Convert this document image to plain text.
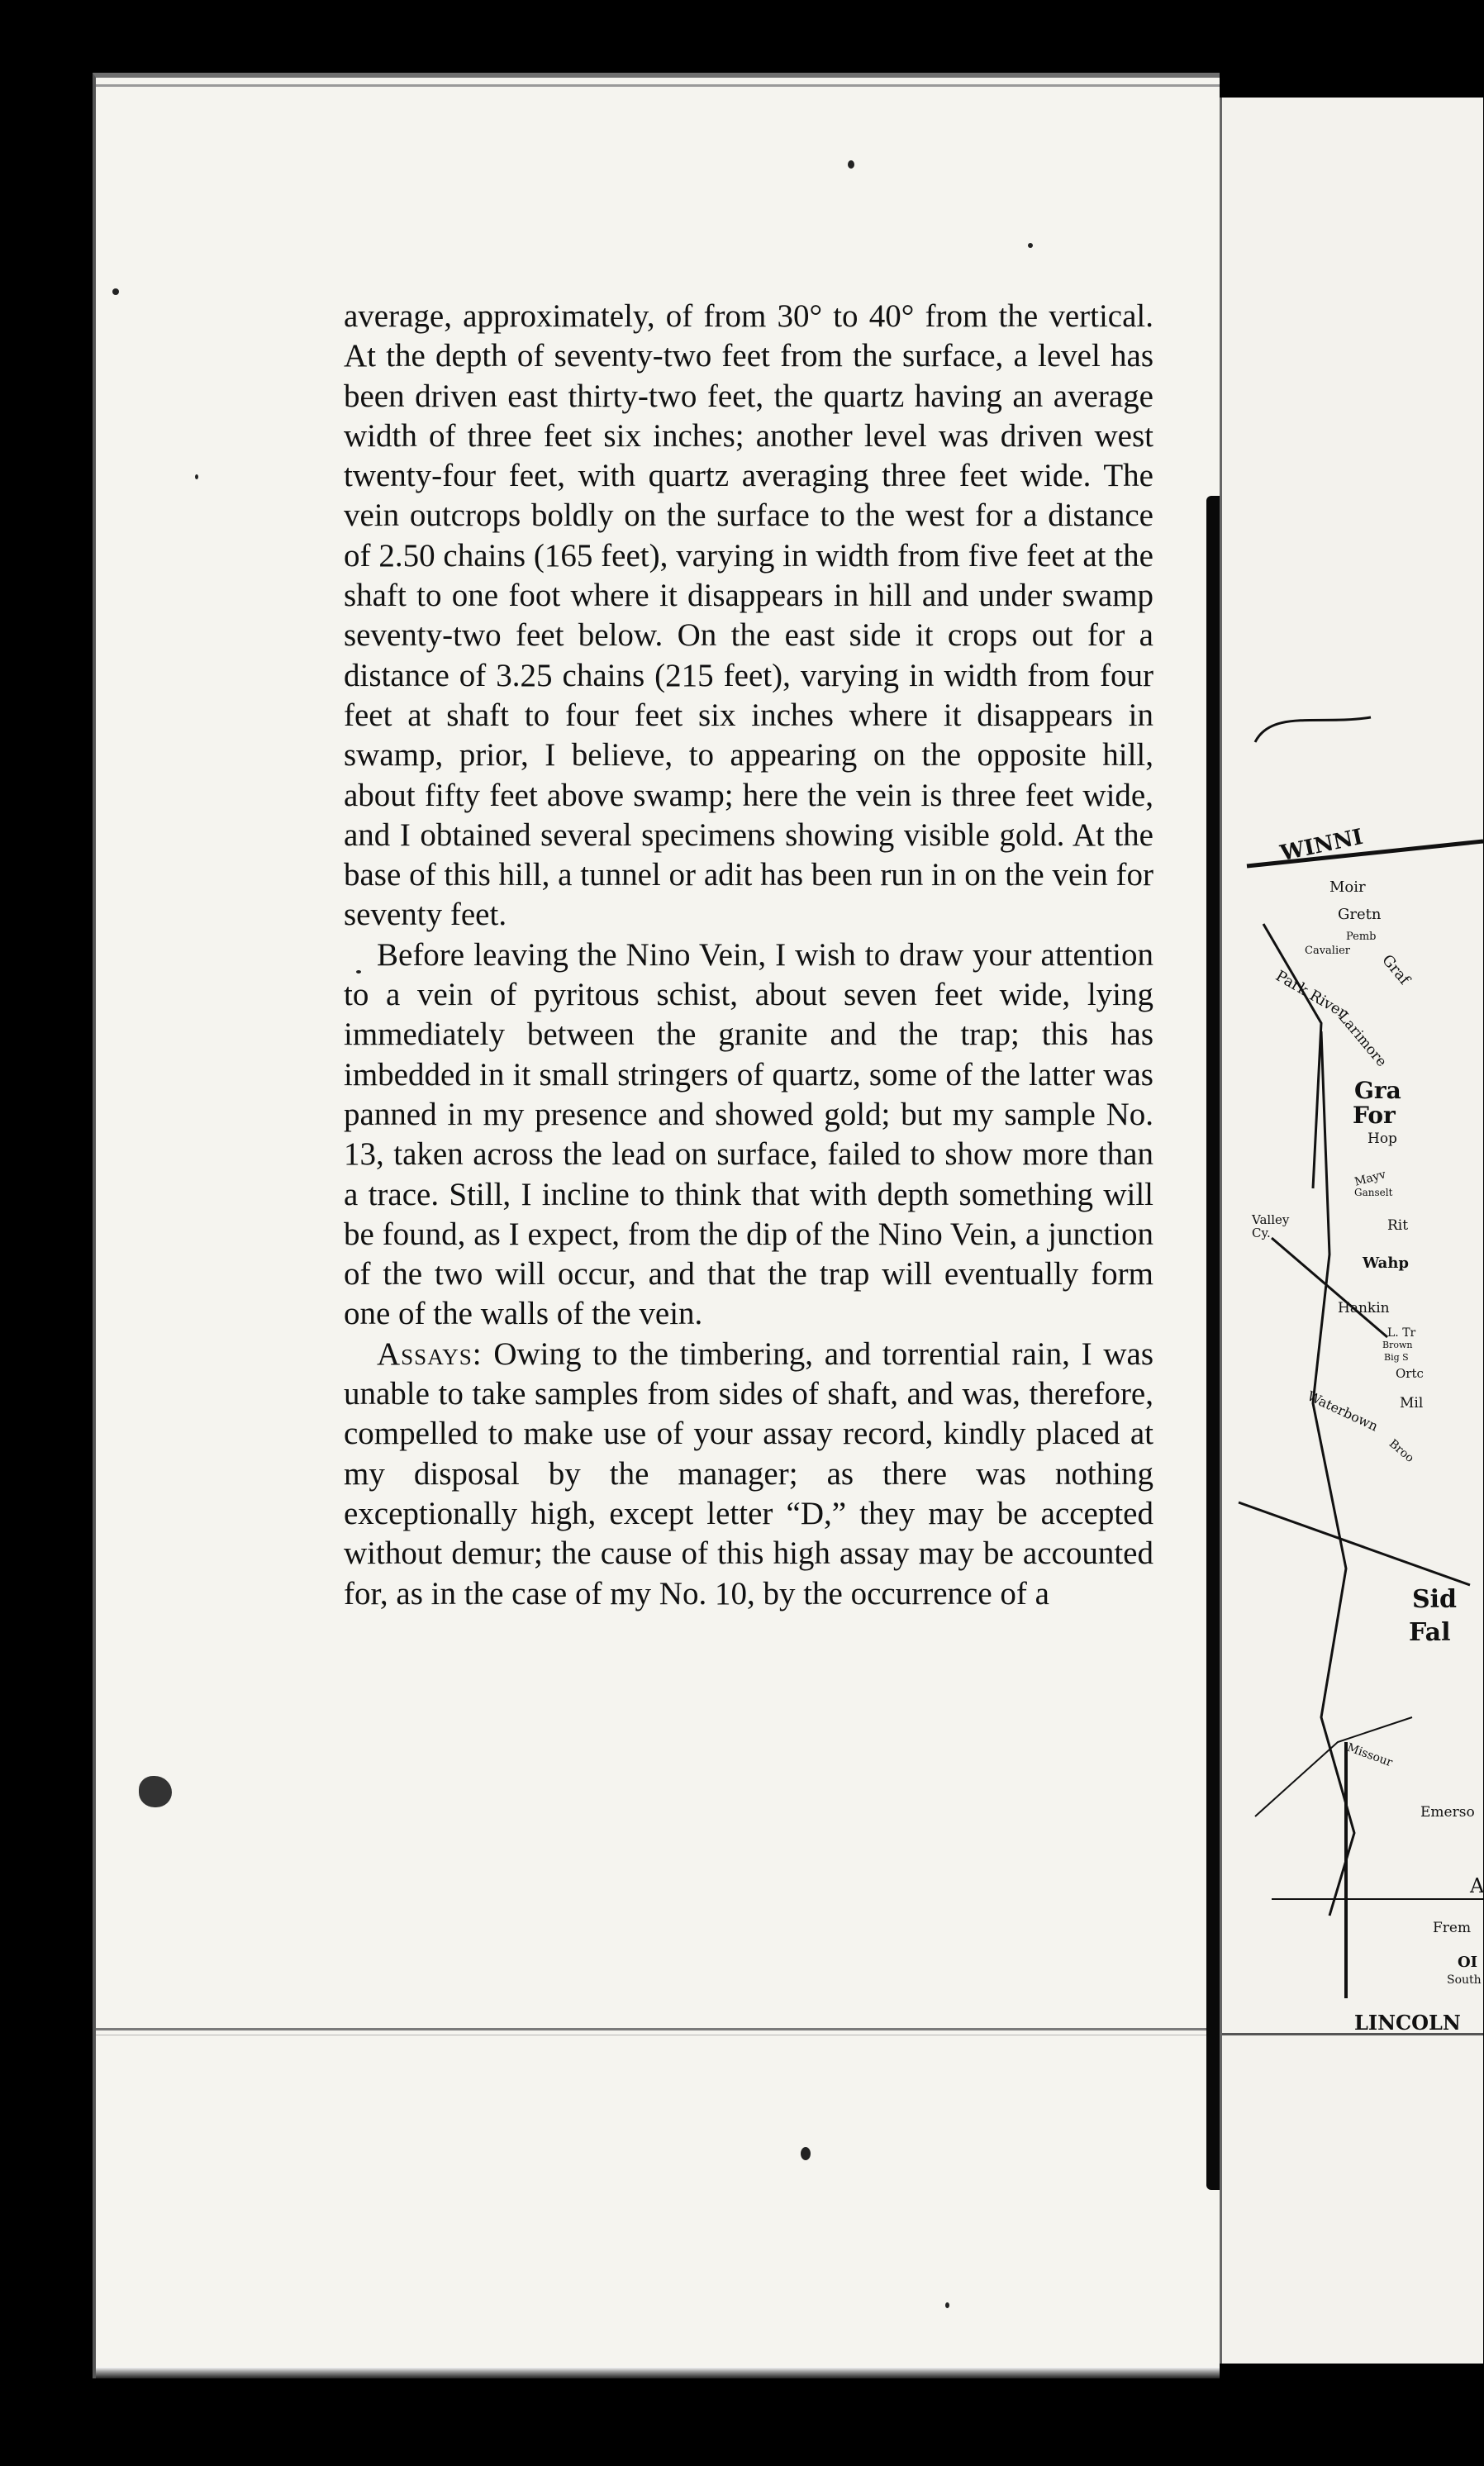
average, approximately, of from 30° to 40° from the vertical. At the depth of seventy-two feet from the surface, a level has been driven east thirty-two feet, the quartz having an average width of three feet six inches; another level was driven west twenty-four feet, with quartz averaging three feet wide. The vein outcrops boldly on the surface to the west for a distance of 2.50 chains (165 feet), varying in width from five feet at the shaft to one foot where it disappears in hill and under swamp seventy-two feet below. On the east side it crops out for a distance of 3.25 chains (215 feet), varying in width from four feet at shaft to four feet six inches where it disappears in swamp, prior, I believe, to appearing on the opposite hill, about fifty feet above swamp; here the vein is three feet wide, and I obtained several specimens showing visible gold. At the base of this hill, a tunnel or adit has been run in on the vein for seventy feet.

Before leaving the Nino Vein, I wish to draw your attention to a vein of pyritous schist, about seven feet wide, lying immediately between the granite and the trap; this has imbedded in it small stringers of quartz, some of the latter was panned in my presence and showed gold; but my sample No. 13, taken across the lead on surface, failed to show more than a trace. Still, I incline to think that with depth something will be found, as I expect, from the dip of the Nino Vein, a junction of the two will occur, and that the trap will eventually form one of the walls of the vein.

Assays: Owing to the timbering, and torrential rain, I was unable to take samples from sides of shaft, and was, therefore, compelled to make use of your assay record, kindly placed at my disposal by the manager; as there was nothing exceptionally high, except letter “D,” they may be accepted without demur; the cause of this high assay may be accounted for, as in the case of my No. 10, by the occurrence of a

WINNI
Moir
Gretn
Pemb
Cavalier
Graf
Park River
Larimore
Gra
For
Hop
Mayv
Ganselt
Valley Cy.	Rit
Wahp
Hankin
L. Tr
Brown
Big S
Ortc
Mil
Waterbown
Broo
Sid
Fal
Missour
Emerso
A
Frem
OI
South
LINCOLN
